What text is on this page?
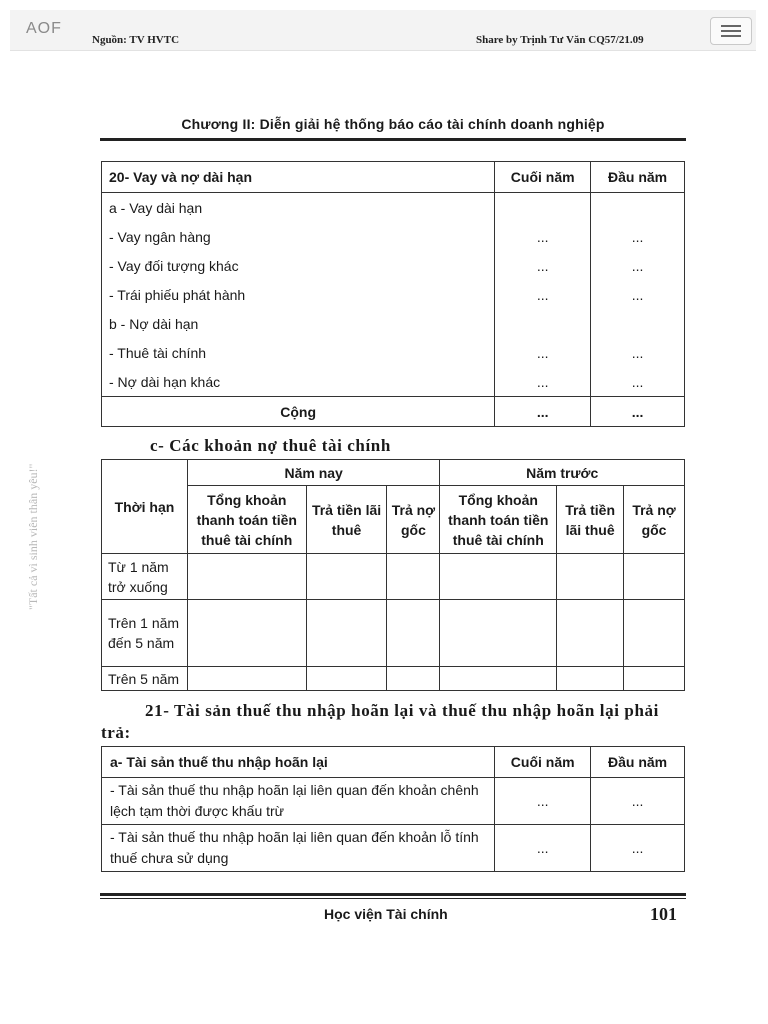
AOF
Nguồn: TV HVTC	Share by Trịnh Tư Văn CQ57/21.09
"Tất cả vì sinh viên thân yêu!"
Chương II: Diễn giải hệ thống báo cáo tài chính doanh nghiệp
20- Vay và nợ dài hạn	Cuối năm	Đầu năm
a - Vay dài hạn		
- Vay ngân hàng	...	...
- Vay đối tượng khác	...	...
- Trái phiếu phát hành	...	...
b - Nợ dài hạn		
- Thuê tài chính	...	...
- Nợ dài hạn khác	...	...
Cộng	...	...
c- Các khoản nợ thuê tài chính
Thời hạn	Năm nay			Năm trước		
	Tổng khoản thanh toán tiền thuê tài chính	Trả tiền lãi thuê	Trả nợ gốc	Tổng khoản thanh toán tiền thuê tài chính	Trả tiền lãi thuê	Trả nợ gốc
Từ 1 năm trở xuống						
Trên 1 năm đến 5 năm						
Trên 5 năm						
21- Tài sản thuế thu nhập hoãn lại và thuế thu nhập hoãn lại phải trả:
a- Tài sản thuế thu nhập hoãn lại	Cuối năm	Đầu năm
- Tài sản thuế thu nhập hoãn lại liên quan đến khoản chênh lệch tạm thời được khấu trừ	...	...
- Tài sản thuế thu nhập hoãn lại liên quan đến khoản lỗ tính thuế chưa sử dụng	...	...
Học viện Tài chính	101
